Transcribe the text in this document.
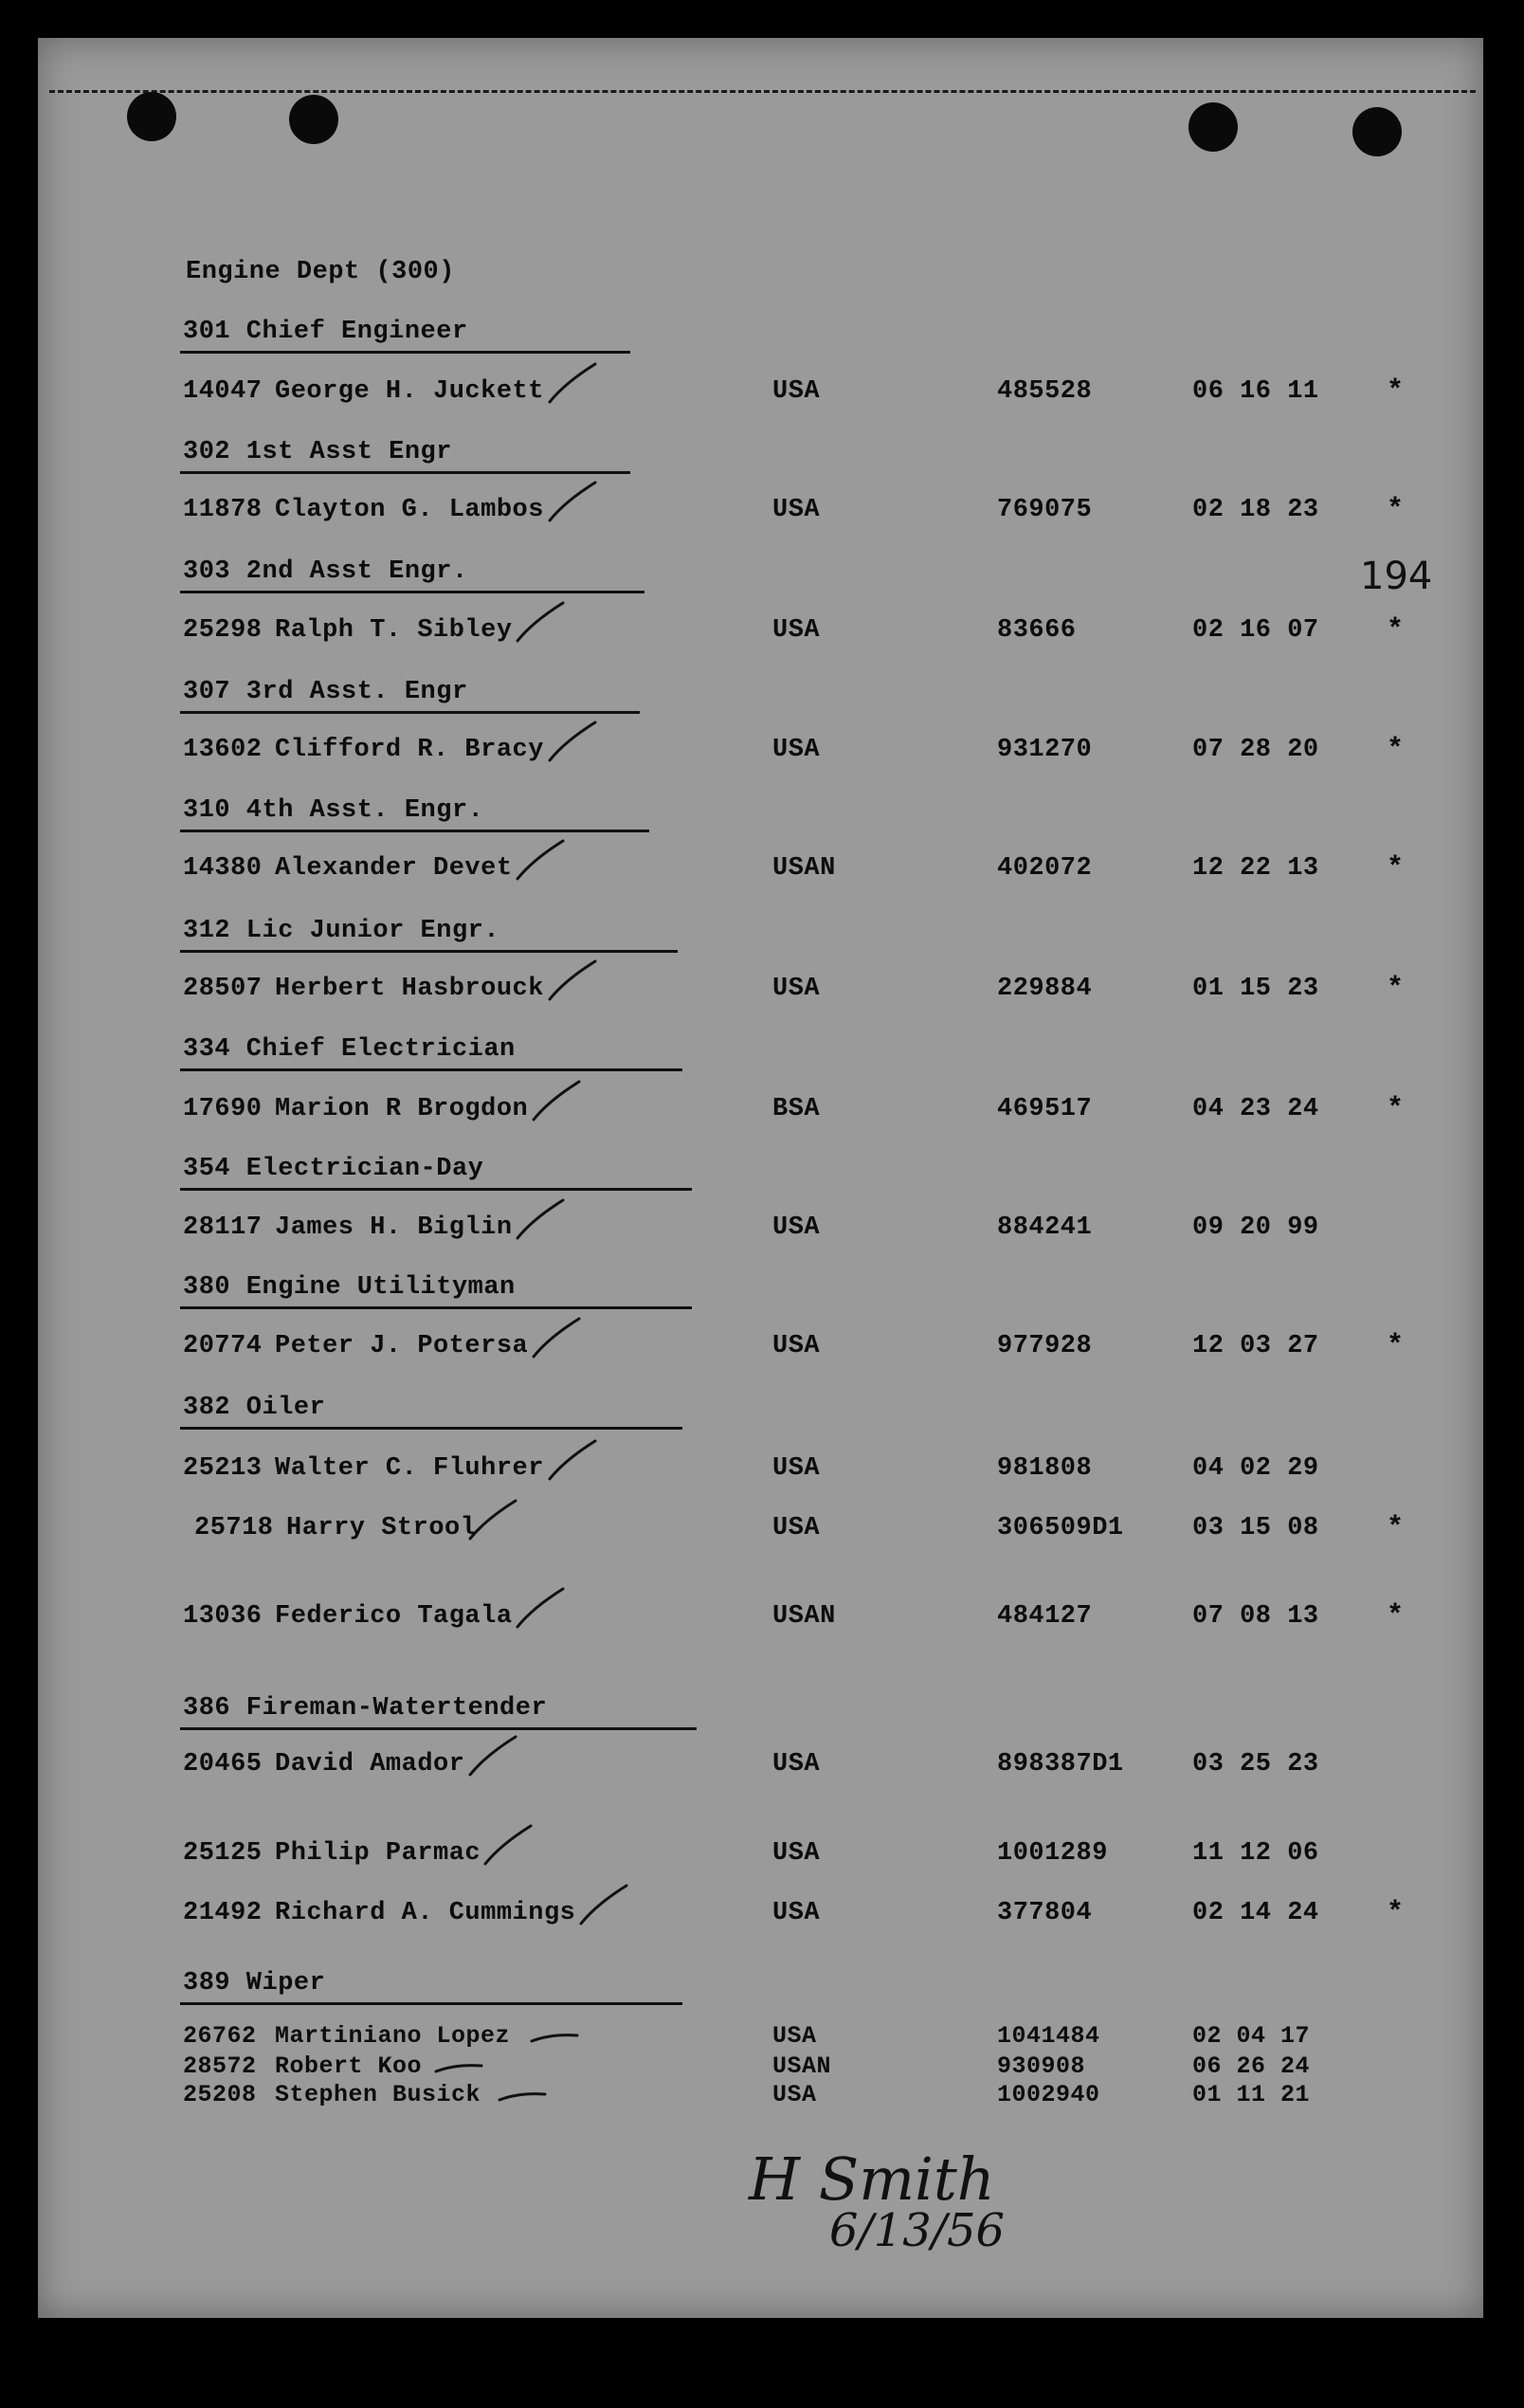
Engine Dept (300)
194
301 Chief Engineer
14047 George H. Juckett	USA	485528	06 16 11 *
302 1st Asst Engr
11878 Clayton G. Lambos	USA	769075	02 18 23 *
303 2nd Asst Engr.
25298 Ralph T. Sibley	USA	83666	02 16 07 *
307 3rd Asst. Engr
13602 Clifford R. Bracy	USA	931270	07 28 20 *
310 4th Asst. Engr.
14380 Alexander Devet	USAN	402072	12 22 13 *
312 Lic Junior Engr.
28507 Herbert Hasbrouck	USA	229884	01 15 23 *
334 Chief Electrician
17690 Marion R Brogdon	BSA	469517	04 23 24 *
354 Electrician-Day
28117 James H. Biglin	USA	884241	09 20 99
380 Engine Utilityman
20774 Peter J. Potersa	USA	977928	12 03 27 *
382 Oiler
25213 Walter C. Fluhrer	USA	981808	04 02 29
25718 Harry Strool	USA	306509D1	03 15 08 *
13036 Federico Tagala	USAN	484127	07 08 13 *
386 Fireman-Watertender
20465 David Amador	USA	898387D1	03 25 23
25125 Philip Parmac	USA	1001289	11 12 06
21492 Richard A. Cummings	USA	377804	02 14 24 *
389 Wiper
26762 Martiniano Lopez	USA	1041484	02 04 17
28572 Robert Koo	USAN	930908	06 26 24
25208 Stephen Busick	USA	1002940	01 11 21
H Smith
6/13/56
